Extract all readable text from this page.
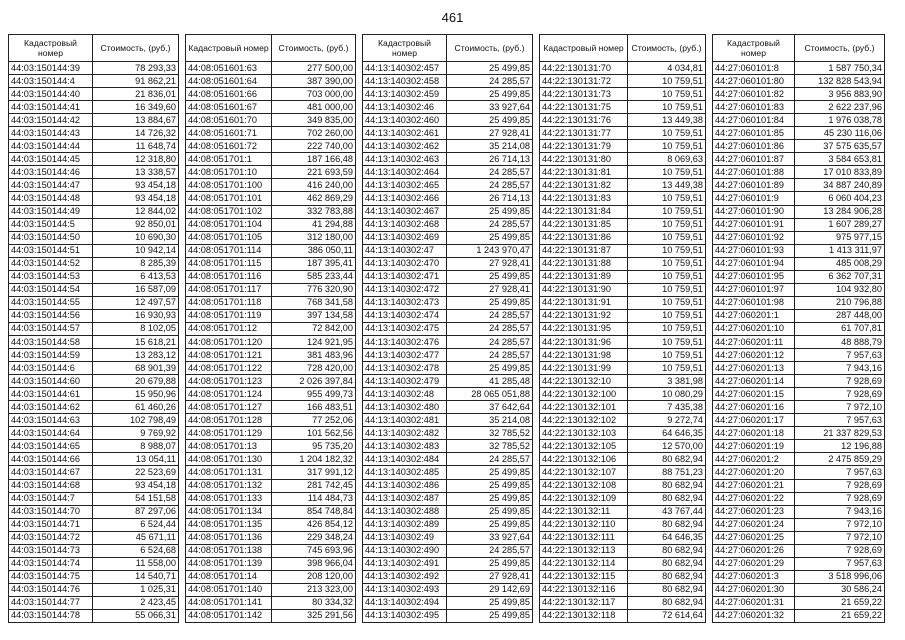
461
Кадастровый номер	Стоимость, (руб.)
44:03:150144:39	78 293,33
44:03:150144:4	91 862,21
44:03:150144:40	21 836,01
44:03:150144:41	16 349,60
44:03:150144:42	13 884,67
44:03:150144:43	14 726,32
44:03:150144:44	11 648,74
44:03:150144:45	12 318,80
44:03:150144:46	13 338,57
44:03:150144:47	93 454,18
44:03:150144:48	93 454,18
44:03:150144:49	12 844,02
44:03:150144:5	92 850,01
44:03:150144:50	10 690,30
44:03:150144:51	10 942,14
44:03:150144:52	8 285,39
44:03:150144:53	6 413,53
44:03:150144:54	16 587,09
44:03:150144:55	12 497,57
44:03:150144:56	16 930,93
44:03:150144:57	8 102,05
44:03:150144:58	15 618,21
44:03:150144:59	13 283,12
44:03:150144:6	68 901,39
44:03:150144:60	20 679,88
44:03:150144:61	15 950,96
44:03:150144:62	61 460,26
44:03:150144:63	102 798,49
44:03:150144:64	9 769,92
44:03:150144:65	8 988,07
44:03:150144:66	13 054,11
44:03:150144:67	22 523,69
44:03:150144:68	93 454,18
44:03:150144:7	54 151,58
44:03:150144:70	87 297,06
44:03:150144:71	6 524,44
44:03:150144:72	45 671,11
44:03:150144:73	6 524,68
44:03:150144:74	11 558,00
44:03:150144:75	14 540,71
44:03:150144:76	1 025,31
44:03:150144:77	2 423,45
44:03:150144:78	55 066,31
Кадастровый номер	Стоимость, (руб.)
44:08:051601:63	277 500,00
44:08:051601:64	387 390,00
44:08:051601:66	703 000,00
44:08:051601:67	481 000,00
44:08:051601:70	349 835,00
44:08:051601:71	702 260,00
44:08:051601:72	222 740,00
44:08:051701:1	187 166,48
44:08:051701:10	221 693,59
44:08:051701:100	416 240,00
44:08:051701:101	462 869,29
44:08:051701:102	332 783,88
44:08:051701:104	41 294,88
44:08:051701:105	312 180,00
44:08:051701:114	386 050,11
44:08:051701:115	187 395,41
44:08:051701:116	585 233,44
44:08:051701:117	776 320,90
44:08:051701:118	768 341,58
44:08:051701:119	397 134,58
44:08:051701:12	72 842,00
44:08:051701:120	124 921,95
44:08:051701:121	381 483,96
44:08:051701:122	728 420,00
44:08:051701:123	2 026 397,84
44:08:051701:124	955 499,73
44:08:051701:127	166 483,51
44:08:051701:128	77 252,06
44:08:051701:129	101 562,56
44:08:051701:13	95 735,20
44:08:051701:130	1 204 182,32
44:08:051701:131	317 991,12
44:08:051701:132	281 742,45
44:08:051701:133	114 484,73
44:08:051701:134	854 748,84
44:08:051701:135	426 854,12
44:08:051701:136	229 348,24
44:08:051701:138	745 693,96
44:08:051701:139	398 966,04
44:08:051701:14	208 120,00
44:08:051701:140	213 323,00
44:08:051701:141	80 334,32
44:08:051701:142	325 291,56
Кадастровый номер	Стоимость, (руб.)
44:13:140302:457	25 499,85
44:13:140302:458	24 285,57
44:13:140302:459	25 499,85
44:13:140302:46	33 927,64
44:13:140302:460	25 499,85
44:13:140302:461	27 928,41
44:13:140302:462	35 214,08
44:13:140302:463	26 714,13
44:13:140302:464	24 285,57
44:13:140302:465	24 285,57
44:13:140302:466	26 714,13
44:13:140302:467	25 499,85
44:13:140302:468	24 285,57
44:13:140302:469	25 499,85
44:13:140302:47	1 243 970,47
44:13:140302:470	27 928,41
44:13:140302:471	25 499,85
44:13:140302:472	27 928,41
44:13:140302:473	25 499,85
44:13:140302:474	24 285,57
44:13:140302:475	24 285,57
44:13:140302:476	24 285,57
44:13:140302:477	24 285,57
44:13:140302:478	25 499,85
44:13:140302:479	41 285,48
44:13:140302:48	28 065 051,88
44:13:140302:480	37 642,64
44:13:140302:481	35 214,08
44:13:140302:482	32 785,52
44:13:140302:483	32 785,52
44:13:140302:484	24 285,57
44:13:140302:485	25 499,85
44:13:140302:486	25 499,85
44:13:140302:487	25 499,85
44:13:140302:488	25 499,85
44:13:140302:489	25 499,85
44:13:140302:49	33 927,64
44:13:140302:490	24 285,57
44:13:140302:491	25 499,85
44:13:140302:492	27 928,41
44:13:140302:493	29 142,69
44:13:140302:494	25 499,85
44:13:140302:495	25 499,85
Кадастровый номер	Стоимость, (руб.)
44:22:130131:70	4 034,81
44:22:130131:72	10 759,51
44:22:130131:73	10 759,51
44:22:130131:75	10 759,51
44:22:130131:76	13 449,38
44:22:130131:77	10 759,51
44:22:130131:79	10 759,51
44:22:130131:80	8 069,63
44:22:130131:81	10 759,51
44:22:130131:82	13 449,38
44:22:130131:83	10 759,51
44:22:130131:84	10 759,51
44:22:130131:85	10 759,51
44:22:130131:86	10 759,51
44:22:130131:87	10 759,51
44:22:130131:88	10 759,51
44:22:130131:89	10 759,51
44:22:130131:90	10 759,51
44:22:130131:91	10 759,51
44:22:130131:92	10 759,51
44:22:130131:95	10 759,51
44:22:130131:96	10 759,51
44:22:130131:98	10 759,51
44:22:130131:99	10 759,51
44:22:130132:10	3 381,98
44:22:130132:100	10 080,29
44:22:130132:101	7 435,38
44:22:130132:102	9 272,74
44:22:130132:103	64 646,35
44:22:130132:105	12 570,00
44:22:130132:106	80 682,94
44:22:130132:107	88 751,23
44:22:130132:108	80 682,94
44:22:130132:109	80 682,94
44:22:130132:11	43 767,44
44:22:130132:110	80 682,94
44:22:130132:111	64 646,35
44:22:130132:113	80 682,94
44:22:130132:114	80 682,94
44:22:130132:115	80 682,94
44:22:130132:116	80 682,94
44:22:130132:117	80 682,94
44:22:130132:118	72 614,64
Кадастровый номер	Стоимость, (руб.)
44:27:060101:8	1 587 750,34
44:27:060101:80	132 828 543,94
44:27:060101:82	3 956 883,90
44:27:060101:83	2 622 237,96
44:27:060101:84	1 976 038,78
44:27:060101:85	45 230 116,06
44:27:060101:86	37 575 635,57
44:27:060101:87	3 584 653,81
44:27:060101:88	17 010 833,89
44:27:060101:89	34 887 240,89
44:27:060101:9	6 060 404,23
44:27:060101:90	13 284 906,28
44:27:060101:91	1 607 289,27
44:27:060101:92	975 977,15
44:27:060101:93	1 413 311,97
44:27:060101:94	485 008,29
44:27:060101:95	6 362 707,31
44:27:060101:97	104 932,80
44:27:060101:98	210 796,88
44:27:060201:1	287 448,00
44:27:060201:10	61 707,81
44:27:060201:11	48 888,79
44:27:060201:12	7 957,63
44:27:060201:13	7 943,16
44:27:060201:14	7 928,69
44:27:060201:15	7 928,69
44:27:060201:16	7 972,10
44:27:060201:17	7 957,63
44:27:060201:18	21 337 829,53
44:27:060201:19	12 196,88
44:27:060201:2	2 475 859,29
44:27:060201:20	7 957,63
44:27:060201:21	7 928,69
44:27:060201:22	7 928,69
44:27:060201:23	7 943,16
44:27:060201:24	7 972,10
44:27:060201:25	7 972,10
44:27:060201:26	7 928,69
44:27:060201:29	7 957,63
44:27:060201:3	3 518 996,06
44:27:060201:30	30 586,24
44:27:060201:31	21 659,22
44:27:060201:32	21 659,22
